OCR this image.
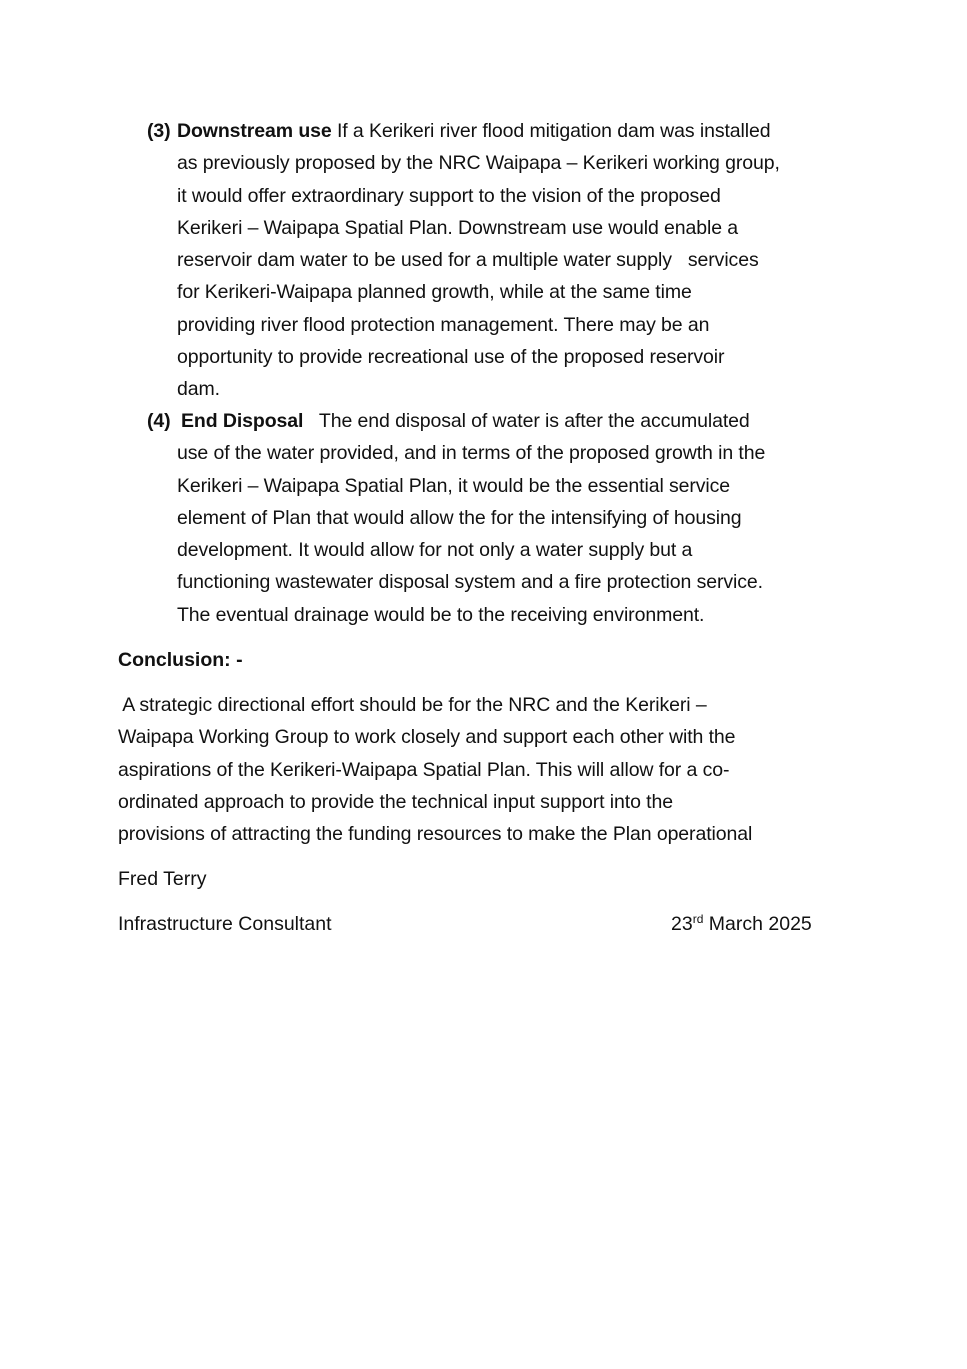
(3) Downstream use If a Kerikeri river flood mitigation dam was installed
as previously proposed by the NRC Waipapa – Kerikeri working group,
it would offer extraordinary support to the vision of the proposed
Kerikeri – Waipapa Spatial Plan. Downstream use would enable a
reservoir dam water to be used for a multiple water supply   services
for Kerikeri-Waipapa planned growth, while at the same time
providing river flood protection management. There may be an
opportunity to provide recreational use of the proposed reservoir
dam.
(4) End Disposal   The end disposal of water is after the accumulated
use of the water provided, and in terms of the proposed growth in the
Kerikeri – Waipapa Spatial Plan, it would be the essential service
element of Plan that would allow the for the intensifying of housing
development. It would allow for not only a water supply but a
functioning wastewater disposal system and a fire protection service.
The eventual drainage would be to the receiving environment.
Conclusion: -
A strategic directional effort should be for the NRC and the Kerikeri –
Waipapa Working Group to work closely and support each other with the
aspirations of the Kerikeri-Waipapa Spatial Plan. This will allow for a co-
ordinated approach to provide the technical input support into the
provisions of attracting the funding resources to make the Plan operational
Fred Terry
Infrastructure Consultant	23rd March 2025
